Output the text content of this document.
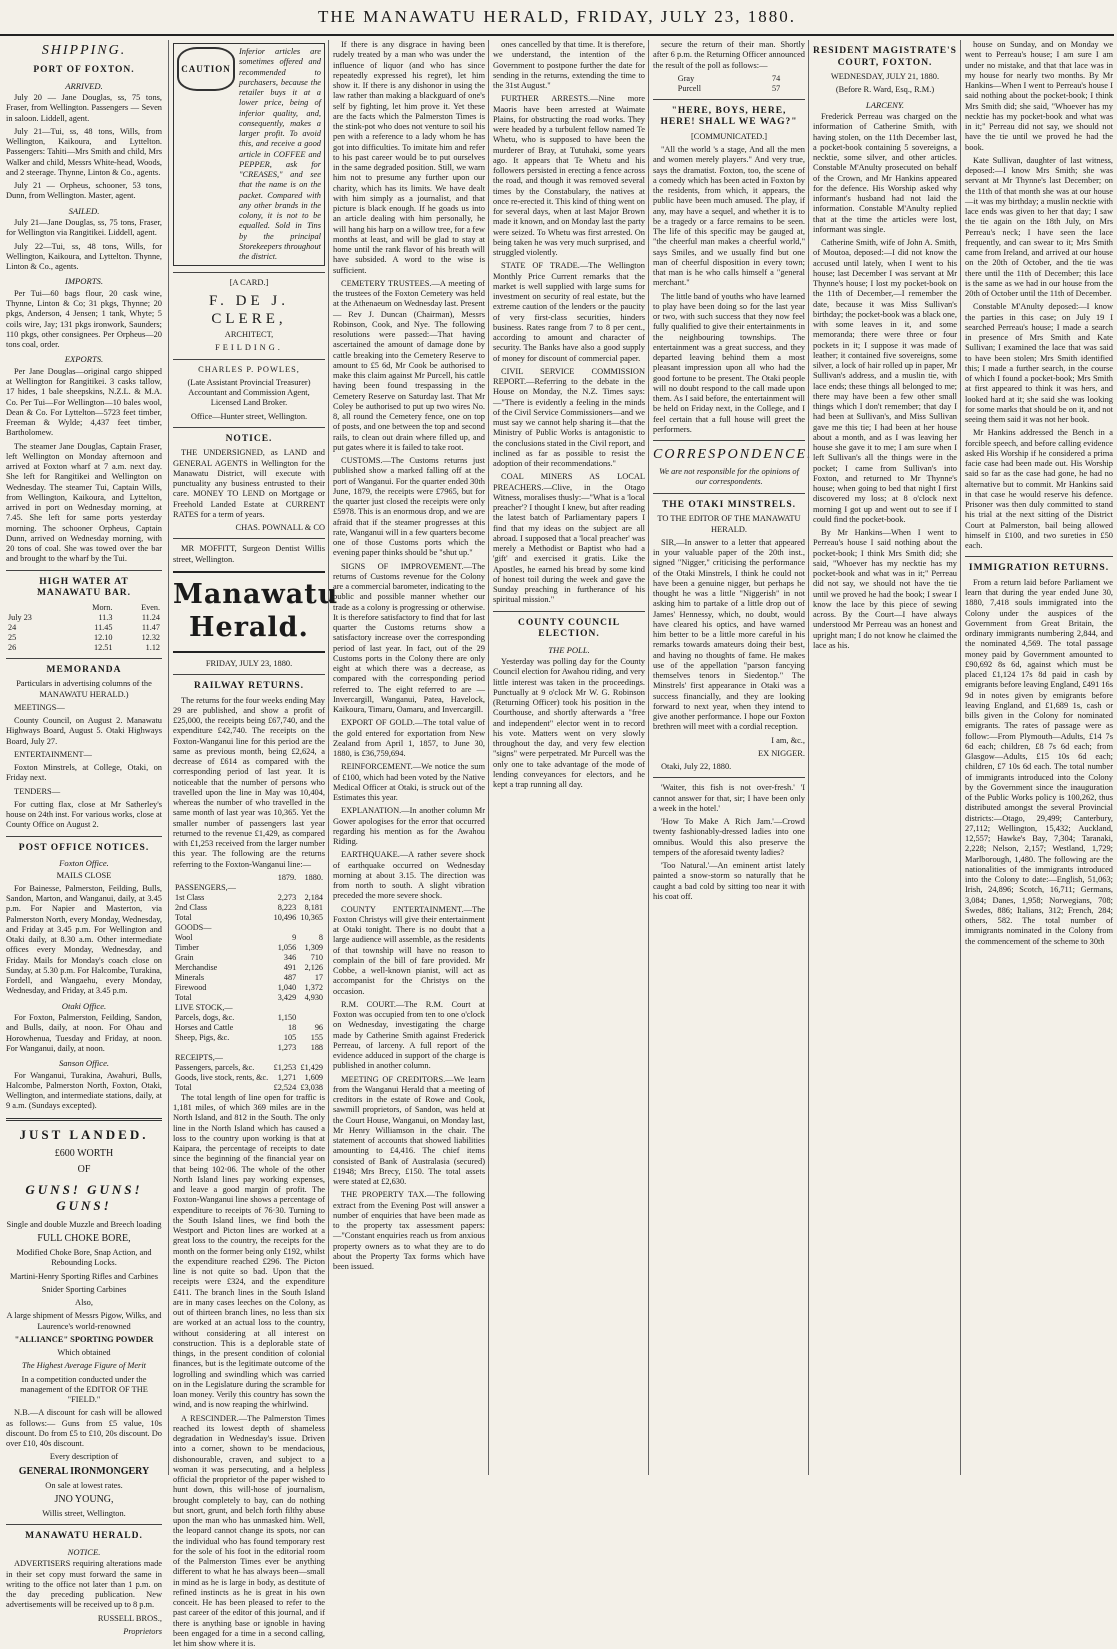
THE MANAWATU HERALD, FRIDAY, JULY 23, 1880.
SHIPPING.
PORT OF FOXTON.
ARRIVED.

July 20 — Jane Douglas, ss, 75 tons, Fraser, from Wellington. Passengers — Seven in saloon. Liddell, agent.

July 21—Tui, ss, 48 tons, Wills, from Wellington, Kaikoura, and Lyttelton. Passengers: Tahiti—Mrs Smith and child, Mrs Walker and child, Messrs White-head, Woods, and 2 steerage. Thynne, Linton & Co., agents.

July 21 — Orpheus, schooner, 53 tons, Dunn, from Wellington. Master, agent.

SAILED.

July 21—Jane Douglas, ss, 75 tons, Fraser, for Wellington via Rangitikei. Liddell, agent.

July 22—Tui, ss, 48 tons, Wills, for Wellington, Kaikoura, and Lyttelton. Thynne, Linton & Co., agents.

IMPORTS.

Per Tui—60 bags flour, 20 cask wine, Thynne, Linton & Co; 31 pkgs, Thynne; 20 pkgs, Anderson, 4 Jensen; 1 tank, Whyte; 5 coils wire, Jay; 131 pkgs ironwork, Saunders; 110 pkgs, other consignees. Per Orpheus—20 tons coal, order.

EXPORTS.

Per Jane Douglas—original cargo shipped at Wellington for Rangitikei. 3 casks tallow, 17 hides, 1 bale sheepskins, N.Z.L. & M.A. Co. Per Tui—For Wellington—10 bales wool, Dean & Co. For Lyttelton—5723 feet timber, Freeman & Wylde; 4,437 feet timber, Bartholomew.

The steamer Jane Douglas, Captain Fraser, left Wellington on Monday afternoon and arrived at Foxton wharf at 7 a.m. next day. She left for Rangitikei and Wellington on Wednesday. The steamer Tui, Captain Wills, from Wellington, Kaikoura, and Lyttelton, arrived in port on Wednesday morning, at 7.45. She left for same ports yesterday morning. The schooner Orpheus, Captain Dunn, arrived on Wednesday morning, with 20 tons of coal. She was towed over the bar and brought to the wharf by the Tui.

HIGH WATER AT MANAWATU BAR.
	Morn.	Even.
July 23	11.3	11.24
24	11.45	11.47
25	12.10	12.32
26	12.51	1.12
MEMORANDA

Particulars in advertising columns of the MANAWATU HERALD.)

MEETINGS—

County Council, on August 2. Manawatu Highways Board, August 5. Otaki Highways Board, July 27.

ENTERTAINMENT—

Foxton Minstrels, at College, Otaki, on Friday next.

TENDERS—

For cutting flax, close at Mr Satherley's house on 24th inst. For various works, close at County Office on August 2.

POST OFFICE NOTICES.
Foxton Office.

MAILS CLOSE

For Bainesse, Palmerston, Feilding, Bulls, Sandon, Marton, and Wanganui, daily, at 3.45 p.m. For Napier and Masterton, via Palmerston North, every Monday, Wednesday, and Friday at 3.45 p.m. For Wellington and Otaki daily, at 8.30 a.m. Other intermediate offices every Monday, Wednesday, and Friday. Mails for Monday's coach close on Sunday, at 5.30 p.m. For Halcombe, Turakina, Fordell, and Wangaehu, every Monday, Wednesday, and Friday, at 3.45 p.m.

Otaki Office.

For Foxton, Palmerston, Feilding, Sandon, and Bulls, daily, at noon. For Ohau and Horowhenua, Tuesday and Friday, at noon. For Wanganui, daily, at noon.

Sanson Office.

For Wanganui, Turakina, Awahuri, Bulls, Halcombe, Palmerston North, Foxton, Otaki, Wellington, and intermediate stations, daily, at 9 a.m. (Sundays excepted).

JUST LANDED.
£600 WORTH
OF
GUNS! GUNS! GUNS!

Single and double Muzzle and Breech loading

FULL CHOKE BORE,

Modified Choke Bore, Snap Action, and Rebounding Locks.

Martini-Henry Sporting Rifles and Carbines

Snider Sporting Carbines

Also,

A large shipment of Messrs Pigow, Wilks, and Laurence's world-renowned

"ALLIANCE" SPORTING POWDER

Which obtained

The Highest Average Figure of Merit

In a competition conducted under the management of the EDITOR OF THE "FIELD."

N.B.—A discount for cash will be allowed as follows:— Guns from £5 value, 10s discount. Do from £5 to £10, 20s discount. Do over £10, 40s discount.

Every description of

GENERAL IRONMONGERY

On sale at lowest rates.

JNO YOUNG,

Willis street, Wellington.

MANAWATU HERALD.
NOTICE.

ADVERTISERS requiring alterations made in their set copy must forward the same in writing to the office not later than 1 p.m. on the day preceding publication. New advertisements will be received up to 8 p.m.

RUSSELL BROS.,

Proprietors

CAUTION
Inferior articles are sometimes offered and recommended to purchasers, because the retailer buys it at a lower price, being of inferior quality, and, consequently, makes a larger profit. To avoid this, and receive a good article in COFFEE and PEPPER, ask for "CREASES," and see that the name is on the packet. Compared with any other brands in the colony, it is not to be equalled. Sold in Tins by the principal Storekeepers throughout the district.

[A CARD.]

F. DE J. CLERE,

ARCHITECT,

FEILDING.

CHARLES P. POWLES,

(Late Assistant Provincial Treasurer) Accountant and Commission Agent, Licensed Land Broker.

Office—Hunter street, Wellington.

NOTICE.

THE UNDERSIGNED, as LAND and GENERAL AGENTS in Wellington for the Manawatu District, will execute with punctuality any business entrusted to their care. MONEY TO LEND on Mortgage or Freehold Landed Estate at CURRENT RATES for a term of years.

CHAS. POWNALL & CO

MR MOFFITT, Surgeon Dentist Willis street, Wellington.

Manawatu Herald.

FRIDAY, JULY 23, 1880.

RAILWAY RETURNS.

The returns for the four weeks ending May 29 are published, and show a profit of £25,000, the receipts being £67,740, and the expenditure £42,740. The receipts on the Foxton-Wanganui line for this period are the same as previous month, being £2,624, a decrease of £614 as compared with the corresponding period of last year. It is noticeable that the number of persons who travelled upon the line in May was 10,404, whereas the number of who travelled in the same month of last year was 10,365. Yet the smaller number of passengers last year returned to the revenue £1,429, as compared with £1,253 received from the larger number this year. The following are the returns referring to the Foxton-Wanganui line:—

	1879.	1880.
PASSENGERS,—		
1st Class	2,273	2,184
2nd Class	8,223	8,181
Total	10,496	10,365
GOODS—		
Wool	9	8
Timber	1,056	1,309
Grain	346	710
Merchandise	491	2,126
Minerals	487	17
Firewood	1,040	1,372
Total	3,429	4,930
LIVE STOCK,—		
Parcels, dogs, &c.	1,150	
Horses and Cattle	18	96
Sheep, Pigs, &c.	105	155
	1,273	188
RECEIPTS,—		
Passengers, parcels, &c.	£1,253	£1,429
Goods, live stock, rents, &c.	1,271	1,609
Total	£2,524	£3,038

The total length of line open for traffic is 1,181 miles, of which 369 miles are in the North Island, and 812 in the South. The only line in the North Island which has caused a loss to the country upon working is that at Kaipara, the percentage of receipts to date since the beginning of the financial year on that being 102·06. The whole of the other North Island lines pay working expenses, and leave a good margin of profit. The Foxton-Wanganui line shows a percentage of expenditure to receipts of 76·30. Turning to the South Island lines, we find both the Westport and Picton lines are worked at a great loss to the country, the receipts for the month on the former being only £192, whilst the expenditure reached £296. The Picton line is not quite so bad. Upon that the receipts were £324, and the expenditure £411. The branch lines in the South Island are in many cases leeches on the Colony, as out of thirteen branch lines, no less than six are worked at an actual loss to the country, without considering at all interest on construction. This is a deplorable state of things, in the present condition of colonial finances, but is the legitimate outcome of the logrolling and swindling which was carried on in the Legislature during the scramble for loan money. Verily this country has sown the wind, and is now reaping the whirlwind.

A RESCINDER.—The Palmerston Times reached its lowest depth of shameless degradation in Wednesday's issue. Driven into a corner, shown to be mendacious, dishonourable, craven, and subject to a woman it was persecuting, and a helpless official the proprietor of the paper wished to hunt down, this will-hose of journalism, brought completely to bay, can do nothing but snort, grunt, and belch forth filthy abuse upon the man who has unmasked him. Well, the leopard cannot change its spots, nor can the individual who has found temporary rest for the sole of his foot in the editorial room of the Palmerston Times ever be anything different to what he has always been—small in mind as he is large in body, as destitute of refined instincts as he is great in his own conceit. He has been pleased to refer to the past career of the editor of this journal, and if there is anything base or ignoble in having been engaged for a time in a second calling, let him show where it is.

If there is any disgrace in having been rudely treated by a man who was under the influence of liquor (and who has since repeatedly expressed his regret), let him show it. If there is any dishonor in using the law rather than making a blackguard of one's self by fighting, let him prove it. Yet these are the facts which the Palmerston Times is the stink-pot who does not venture to soil his pen with a reference to a lady whom he has got into difficulties. To imitate him and refer to his past career would be to put ourselves in the same degraded position. Still, we warn him not to presume any further upon our charity, which has its limits. We have dealt with him simply as a journalist, and that picture is black enough. If he goads us into an article dealing with him personally, he will hang his harp on a willow tree, for a few months at least, and will be glad to stay at home until the rank flavor of his breath will have subsided. A word to the wise is sufficient.

CEMETERY TRUSTEES.—A meeting of the trustees of the Foxton Cemetery was held at the Athenaeum on Wednesday last. Present — Rev J. Duncan (Chairman), Messrs Robinson, Cook, and Nye. The following resolutions were passed:—That having ascertained the amount of damage done by cattle breaking into the Cemetery Reserve to amount to £5 6d, Mr Cook be authorised to make this claim against Mr Purcell, his cattle having been found trespassing in the Cemetery Reserve on Saturday last. That Mr Coley be authorised to put up two wires No. 8, all round the Cemetery fence, one on top of posts, and one between the top and second rails, to clean out drain where filled up, and put gates where it is failed to take root.

CUSTOMS.—The Customs returns just published show a marked falling off at the port of Wanganui. For the quarter ended 30th June, 1879, the receipts were £7965, but for the quarter just closed the receipts were only £5978. This is an enormous drop, and we are afraid that if the steamer progresses at this rate, Wanganui will in a few quarters become one of those Customs ports which the evening paper thinks should be "shut up."

SIGNS OF IMPROVEMENT.—The returns of Customs revenue for the Colony are a commercial barometer, indicating to the public and possible manner whether our trade as a colony is progressing or otherwise. It is therefore satisfactory to find that for last quarter the Customs returns show a satisfactory increase over the corresponding period of last year. In fact, out of the 29 Customs ports in the Colony there are only eight at which there was a decrease, as compared with the corresponding period referred to. The eight referred to are — Invercargill, Wanganui, Patea, Havelock, Kaikoura, Timaru, Oamaru, and Invercargill.

EXPORT OF GOLD.—The total value of the gold entered for exportation from New Zealand from April 1, 1857, to June 30, 1880, is £36,759,694.

REINFORCEMENT.—We notice the sum of £100, which had been voted by the Native Medical Officer at Otaki, is struck out of the Estimates this year.

EXPLANATION.—In another column Mr Gower apologises for the error that occurred regarding his mention as for the Awahou Riding.

EARTHQUAKE.—A rather severe shock of earthquake occurred on Wednesday morning at about 3.15. The direction was from north to south. A slight vibration preceded the more severe shock.

COUNTY ENTERTAINMENT.—The Foxton Christys will give their entertainment at Otaki tonight. There is no doubt that a large audience will assemble, as the residents of that township will have no reason to complain of the bill of fare provided. Mr Cobbe, a well-known pianist, will act as accompanist for the Christys on the occasion.

R.M. COURT.—The R.M. Court at Foxton was occupied from ten to one o'clock on Wednesday, investigating the charge made by Catherine Smith against Frederick Perreau, of larceny. A full report of the evidence adduced in support of the charge is published in another column.

MEETING OF CREDITORS.—We learn from the Wanganui Herald that a meeting of creditors in the estate of Rowe and Cook, sawmill proprietors, of Sandon, was held at the Court House, Wanganui, on Monday last, Mr Henry Williamson in the chair. The statement of accounts that showed liabilities amounting to £4,416. The chief items consisted of Bank of Australasia (secured) £1948; Mrs Brecy, £150. The total assets were stated at £2,630.

THE PROPERTY TAX.—The following extract from the Evening Post will answer a number of enquiries that have been made as to the property tax assessment papers:—"Constant enquiries reach us from anxious property owners as to what they are to do about the Property Tax forms which have been issued.

ones cancelled by that time. It is therefore, we understand, the intention of the Government to postpone further the date for sending in the returns, extending the time to the 31st August."

FURTHER ARRESTS.—Nine more Maoris have been arrested at Waimate Plains, for obstructing the road works. They were headed by a turbulent fellow named Te Whetu, who is supposed to have been the murderer of Bray, at Tutuhaki, some years ago. It appears that Te Whetu and his followers persisted in erecting a fence across the road, and though it was removed several times by the Constabulary, the natives at once re-erected it. This kind of thing went on for several days, when at last Major Brown made it known, and on Monday last the party were seized. To Whetu was first arrested. On being taken he was very much surprised, and struggled violently.

STATE OF TRADE.—The Wellington Monthly Price Current remarks that the market is well supplied with large sums for investment on security of real estate, but the extreme caution of the lenders or the paucity of very first-class securities, hinders business. Rates range from 7 to 8 per cent., according to amount and character of security. The Banks have also a good supply of money for discount of commercial paper.

CIVIL SERVICE COMMISSION REPORT.—Referring to the debate in the House on Monday, the N.Z. Times says:—"There is evidently a feeling in the minds of the Civil Service Commissioners—and we must say we cannot help sharing it—that the Ministry of Public Works is antagonistic to the conclusions stated in the Civil report, and inclined as far as possible to resist the adoption of their recommendations."

COAL MINERS AS LOCAL PREACHERS.—Clive, in the Otago Witness, moralises thusly:—"What is a 'local preacher'? I thought I knew, but after reading the latest batch of Parliamentary papers I find that my ideas on the subject are all abroad. I supposed that a 'local preacher' was merely a Methodist or Baptist who had a 'gift' and exercised it gratis. Like the Apostles, he earned his bread by some kind of honest toil during the week and gave the Sunday preaching in furtherance of his spiritual mission."

COUNTY COUNCIL ELECTION.
THE POLL.

Yesterday was polling day for the County Council election for Awahou riding, and very little interest was taken in the proceedings. Punctually at 9 o'clock Mr W. G. Robinson (Returning Officer) took his position in the Courthouse, and shortly afterwards a "free and independent" elector went in to record his vote. Matters went on very slowly throughout the day, and very few election "signs" were perpetrated. Mr Purcell was the only one to take advantage of the mode of lending conveyances for electors, and he kept a trap running all day.

secure the return of their man. Shortly after 6 p.m. the Returning Officer announced the result of the poll as follows:—

Gray	74
Purcell	57
"HERE, BOYS, HERE, HERE! SHALL WE WAG?"

[COMMUNICATED.]

"All the world 's a stage, And all the men and women merely players." And very true, says the dramatist. Foxton, too, the scene of a comedy which has been acted in Foxton by the residents, from which, it appears, the public have been much amused. The play, if any, may have a sequel, and whether it is to be a tragedy or a farce remains to be seen. The life of this specific may be gauged at, "the cheerful man makes a cheerful world," says Smiles, and we usually find but one man of cheerful disposition in every town; that man is he who calls himself a "general merchant."

The little band of youths who have learned to play have been doing so for the last year or two, with such success that they now feel fully qualified to give their entertainments in the neighbouring townships. The entertainment was a great success, and they departed leaving behind them a most pleasant impression upon all who had the good fortune to be present. The Otaki people will no doubt respond to the call made upon them. As I said before, the entertainment will be held on Friday next, in the College, and I feel certain that a full house will greet the performers.

CORRESPONDENCE.

We are not responsible for the opinions of our correspondents.

THE OTAKI MINSTRELS.

TO THE EDITOR OF THE MANAWATU HERALD.

SIR,—In answer to a letter that appeared in your valuable paper of the 20th inst., signed "Nigger," criticising the performance of the Otaki Minstrels, I think he could not have been a genuine nigger, but perhaps he thought he was a little "Niggerish" in not asking him to partake of a little drop out of James' Hennessy, which, no doubt, would have cleared his optics, and have warned him better to be a little more careful in his remarks towards amateurs doing their best, and having no thoughts of fame. He makes use of the appellation "parson fancying themselves tenors in Siedentop." The Minstrels' first appearance in Otaki was a success financially, and they are looking forward to next year, when they intend to give another performance. I hope our Foxton brethren will meet with a cordial reception.

I am, &c.,

EX NIGGER.

Otaki, July 22, 1880.

'Waiter, this fish is not over-fresh.' 'I cannot answer for that, sir; I have been only a week in the hotel.'

'How To Make A Rich Jam.'—Crowd twenty fashionably-dressed ladies into one omnibus. Would this also preserve the tempers of the aforesaid twenty ladies?

'Too Natural.'—An eminent artist lately painted a snow-storm so naturally that he caught a bad cold by sitting too near it with his coat off.

RESIDENT MAGISTRATE'S COURT, FOXTON.

WEDNESDAY, JULY 21, 1880.

(Before R. Ward, Esq., R.M.)

LARCENY.

Frederick Perreau was charged on the information of Catherine Smith, with having stolen, on the 11th December last, a pocket-book containing 5 sovereigns, a necktie, some silver, and other articles. Constable M'Anulty prosecuted on behalf of the Crown, and Mr Hankins appeared for the defence. His Worship asked why informant's husband had not laid the information. Constable M'Anulty replied that at the time the articles were lost, informant was single.

Catherine Smith, wife of John A. Smith, of Moutoa, deposed:—I did not know the accused until lately, when I went to his house; last December I was servant at Mr Thynne's house; I lost my pocket-book on the 11th of December,—I remember the date, because it was Miss Sullivan's birthday; the pocket-book was a black one, with some leaves in it, and some memoranda; there were three or four pockets in it; I suppose it was made of leather; it contained five sovereigns, some silver, a lock of hair rolled up in paper, Mr Sullivan's address, and a muslin tie, with lace ends; these things all belonged to me; there may have been a few other small things which I don't remember; that day I had been at Sullivan's, and Miss Sullivan gave me this tie; I had been at her house about a month, and as I was leaving her house she gave it to me; I am sure when I left Sullivan's all the things were in the pocket; I came from Sullivan's into Foxton, and returned to Mr Thynne's house; when going to bed that night I first discovered my loss; at 8 o'clock next morning I got up and went out to see if I could find the pocket-book.

By Mr Hankins—When I went to Perreau's house I said nothing about the pocket-book; I think Mrs Smith did; she said, "Whoever has my necktie has my pocket-book and what was in it;" Perreau did not say, we should not have the tie until we proved he had the book; I swear I know the lace by this piece of sewing across. By the Court—I have always understood Mr Perreau was an honest and upright man; I do not know he claimed the lace as his.

house on Sunday, and on Monday we went to Perreau's house; I am sure I am under no mistake, and that that lace was in my house for nearly two months. By Mr Hankins—When I went to Perreau's house I said nothing about the pocket-book; I think Mrs Smith did; she said, "Whoever has my necktie has my pocket-book and what was in it;" Perreau did not say, we should not have the tie until we proved he had the book.

Kate Sullivan, daughter of last witness, deposed:—I know Mrs Smith; she was servant at Mr Thynne's last December; on the 11th of that month she was at our house—it was my birthday; a muslin necktie with lace ends was given to her that day; I saw the tie again on the 18th July, on Mrs Perreau's neck; I have seen the lace frequently, and can swear to it; Mrs Smith came from Ireland, and arrived at our house on the 20th of October, and the tie was there until the 11th of December; this lace is the same as we had in our house from the 20th of October until the 11th of December.

Constable M'Anulty deposed:—I know the parties in this case; on July 19 I searched Perreau's house; I made a search in presence of Mrs Smith and Kate Sullivan; I examined the lace that was said to have been stolen; Mrs Smith identified this; I made a further search, in the course of which I found a pocket-book; Mrs Smith at first appeared to think it was hers, and looked hard at it; she said she was looking for some marks that should be on it, and not seeing them said it was not her book.

Mr Hankins addressed the Bench in a forcible speech, and before calling evidence asked His Worship if he considered a prima facie case had been made out. His Worship said so far as the case had gone, he had no alternative but to commit. Mr Hankins said in that case he would reserve his defence. Prisoner was then duly committed to stand his trial at the next sitting of the District Court at Palmerston, bail being allowed himself in £100, and two sureties in £50 each.

IMMIGRATION RETURNS.

From a return laid before Parliament we learn that during the year ended June 30, 1880, 7,418 souls immigrated into the Colony under the auspices of the Government from Great Britain, the ordinary immigrants numbering 2,844, and the nominated 4,569. The total passage money paid by Government amounted to £90,692 8s 6d, against which must be placed £1,124 17s 8d paid in cash by emigrants before leaving England, £491 16s 9d in notes given by emigrants before leaving England, and £1,689 1s, cash or bills given in the Colony for nominated emigrants. The rates of passage were as follow:—From Plymouth—Adults, £14 7s 6d each; children, £8 7s 6d each; from Glasgow—Adults, £15 10s 6d each; children, £7 10s 6d each. The total number of immigrants introduced into the Colony by the Government since the inauguration of the Public Works policy is 100,262, thus distributed amongst the several Provincial districts:—Otago, 29,499; Canterbury, 27,112; Wellington, 15,432; Auckland, 12,557; Hawke's Bay, 7,304; Taranaki, 2,228; Nelson, 2,157; Westland, 1,729; Marlborough, 1,480. The following are the nationalities of the immigrants introduced into the Colony to date:—English, 51,063; Irish, 24,896; Scotch, 16,711; Germans, 3,084; Danes, 1,958; Norwegians, 708; Swedes, 886; Italians, 312; French, 284; others, 582. The total number of immigrants nominated in the Colony from the commencement of the scheme to 30th
